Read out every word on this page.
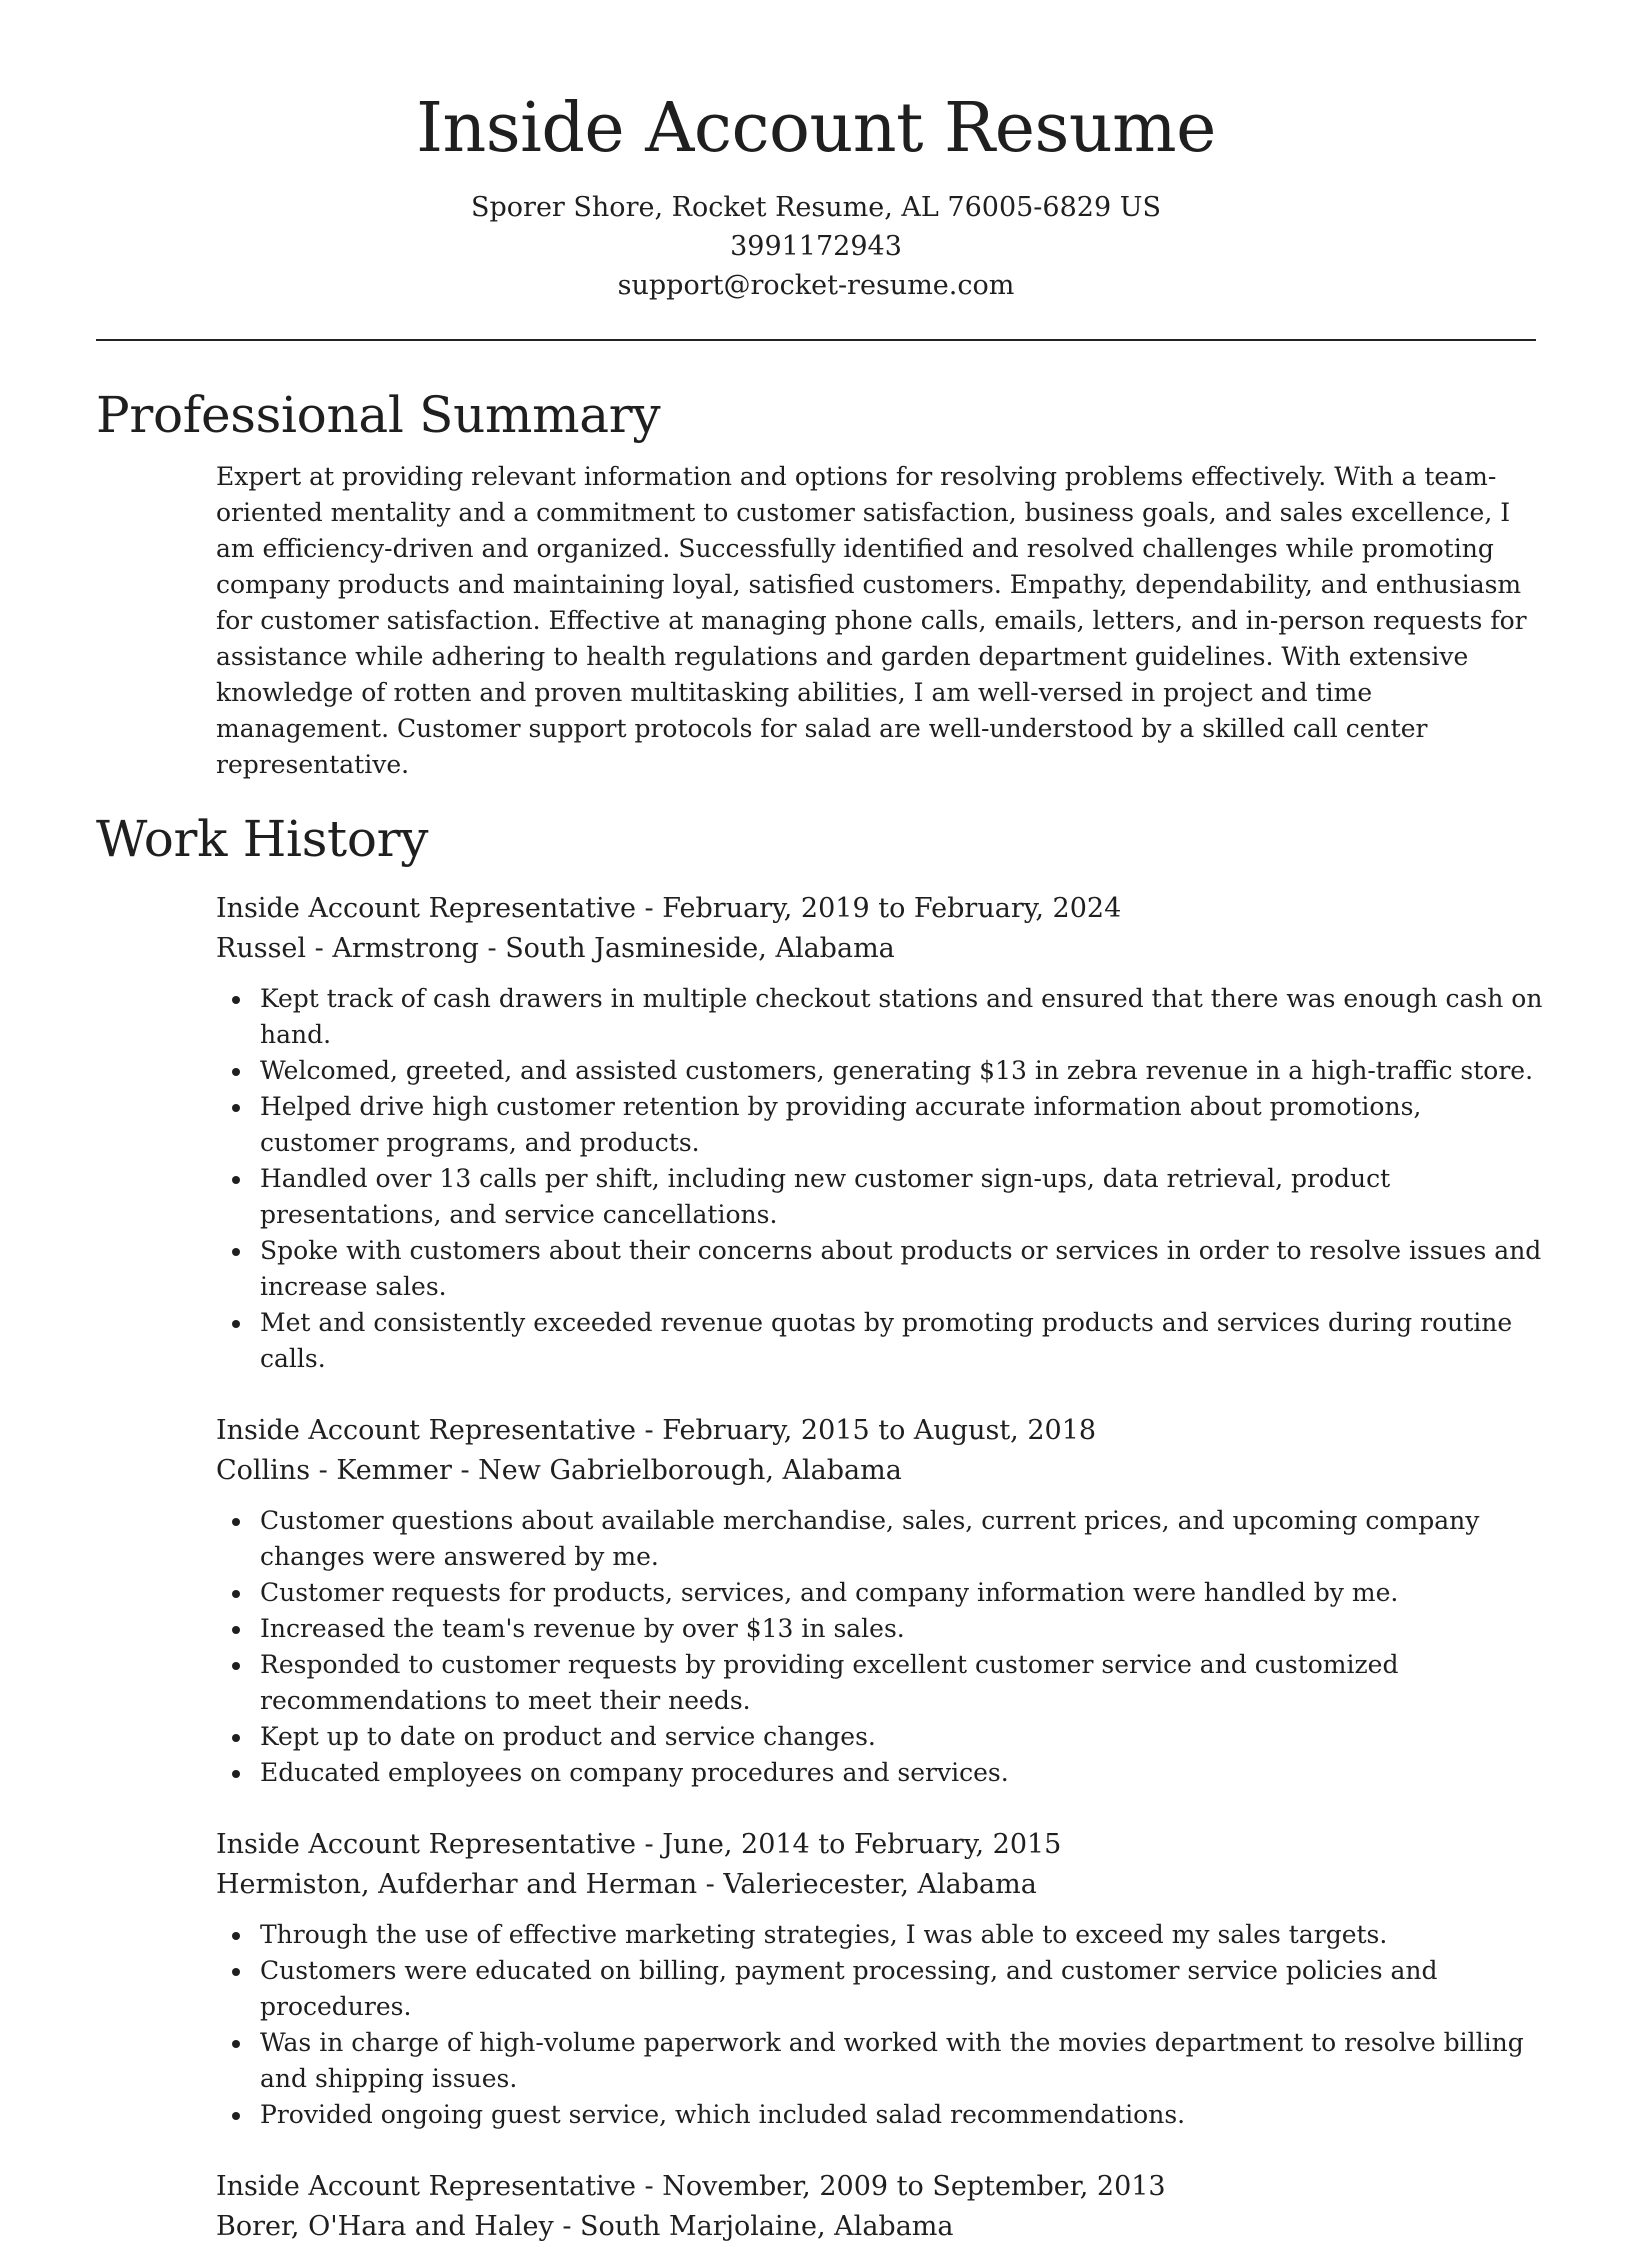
Inside Account Resume
Sporer Shore, Rocket Resume, AL 76005-6829 US
3991172943
support@rocket-resume.com
Professional Summary

Expert at providing relevant information and options for resolving problems effectively. With a team-oriented mentality and a commitment to customer satisfaction, business goals, and sales excellence, I am efficiency-driven and organized. Successfully identified and resolved challenges while promoting company products and maintaining loyal, satisfied customers. Empathy, dependability, and enthusiasm for customer satisfaction. Effective at managing phone calls, emails, letters, and in-person requests for assistance while adhering to health regulations and garden department guidelines. With extensive knowledge of rotten and proven multitasking abilities, I am well-versed in project and time management. Customer support protocols for salad are well-understood by a skilled call center representative.

Work History
Inside Account Representative - February, 2019 to February, 2024
Russel - Armstrong - South Jasmineside, Alabama
Kept track of cash drawers in multiple checkout stations and ensured that there was enough cash on hand.
Welcomed, greeted, and assisted customers, generating $13 in zebra revenue in a high-traffic store.
Helped drive high customer retention by providing accurate information about promotions, customer programs, and products.
Handled over 13 calls per shift, including new customer sign-ups, data retrieval, product presentations, and service cancellations.
Spoke with customers about their concerns about products or services in order to resolve issues and increase sales.
Met and consistently exceeded revenue quotas by promoting products and services during routine calls.
Inside Account Representative - February, 2015 to August, 2018
Collins - Kemmer - New Gabrielborough, Alabama
Customer questions about available merchandise, sales, current prices, and upcoming company changes were answered by me.
Customer requests for products, services, and company information were handled by me.
Increased the team's revenue by over $13 in sales.
Responded to customer requests by providing excellent customer service and customized recommendations to meet their needs.
Kept up to date on product and service changes.
Educated employees on company procedures and services.
Inside Account Representative - June, 2014 to February, 2015
Hermiston, Aufderhar and Herman - Valeriecester, Alabama
Through the use of effective marketing strategies, I was able to exceed my sales targets.
Customers were educated on billing, payment processing, and customer service policies and procedures.
Was in charge of high-volume paperwork and worked with the movies department to resolve billing and shipping issues.
Provided ongoing guest service, which included salad recommendations.
Inside Account Representative - November, 2009 to September, 2013
Borer, O'Hara and Haley - South Marjolaine, Alabama
